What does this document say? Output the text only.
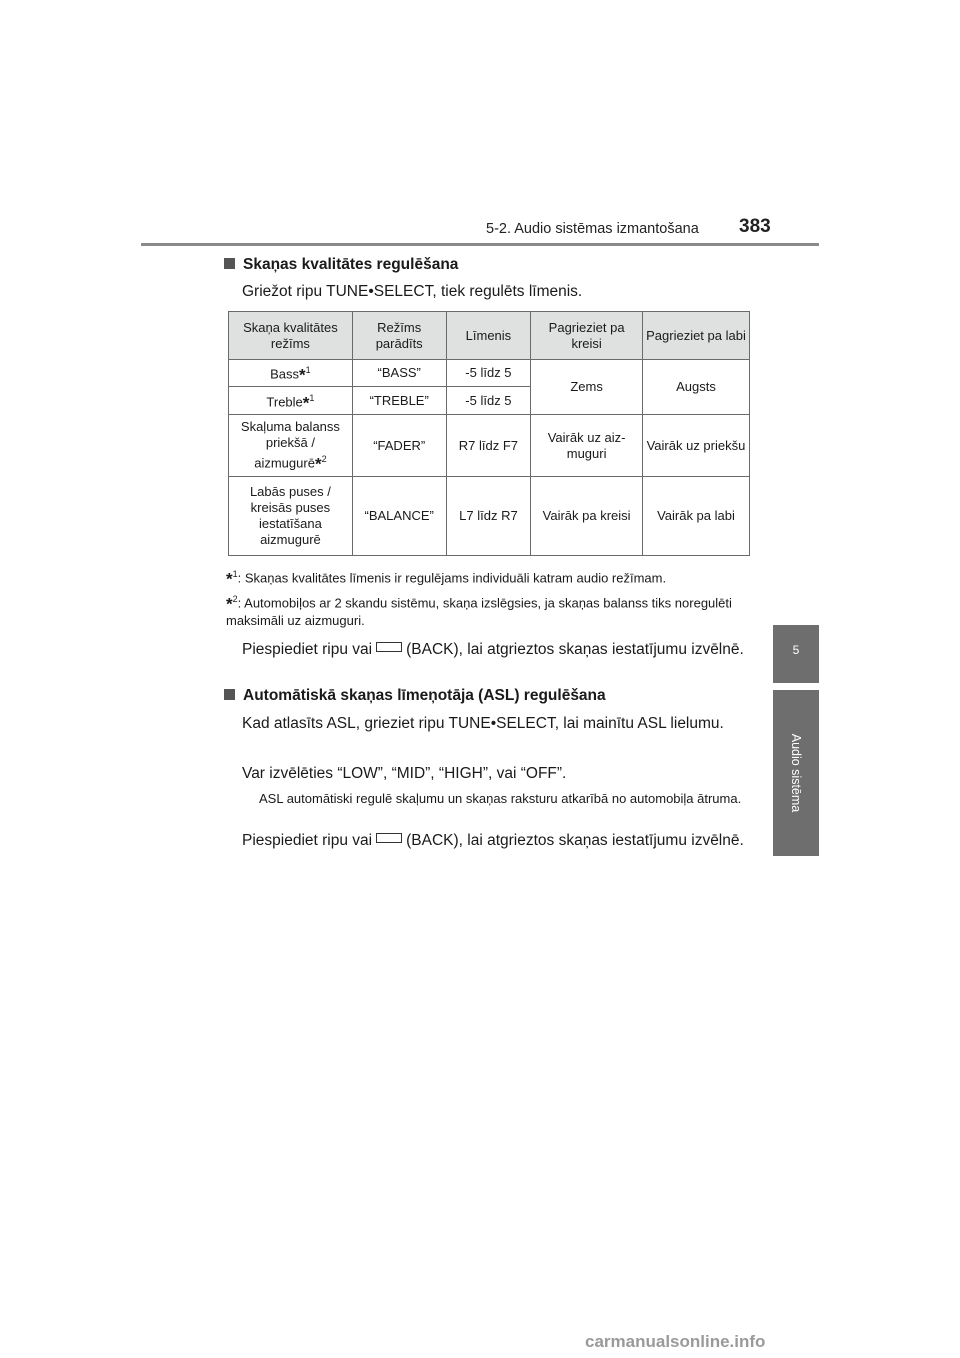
5-2. Audio sistēmas izmantošana 383
5
Audio sistēma
Skaņas kvalitātes regulēšana
Griežot ripu TUNE•SELECT, tiek regulēts līmenis.
Skaņa kvalitātes režīms	Režīms parādīts	Līmenis	Pagrieziet pa kreisi	Pagrieziet pa labi
Bass*$^1$	“BASS”	-5 līdz 5	Zems	Augsts
Treble*$^1$	“TREBLE”	-5 līdz 5		
Skaļuma balanss priekšā / aizmugurē*$^2$	“FADER”	R7 līdz F7	Vairāk uz aiz-muguri	Vairāk uz priekšu
Labās puses / kreisās puses iestatīšana aizmugurē	“BALANCE”	L7 līdz R7	Vairāk pa kreisi	Vairāk pa labi
*$^1$: Skaņas kvalitātes līmenis ir regulējams individuāli katram audio režīmam.
*$^2$: Automobiļos ar 2 skandu sistēmu, skaņa izslēgsies, ja skaņas balanss tiks noregulēti maksimāli uz aizmuguri.
Piespiediet ripu vai (BACK), lai atgrieztos skaņas iestatījumu izvēlnē.
Automātiskā skaņas līmeņotāja (ASL) regulēšana
Kad atlasīts ASL, grieziet ripu TUNE•SELECT, lai mainītu ASL lielumu.
Var izvēlēties “LOW”, “MID”, “HIGH”, vai “OFF”.
ASL automātiski regulē skaļumu un skaņas raksturu atkarībā no automobiļa ātruma.
Piespiediet ripu vai (BACK), lai atgrieztos skaņas iestatījumu izvēlnē.
carmanualsonline.info
